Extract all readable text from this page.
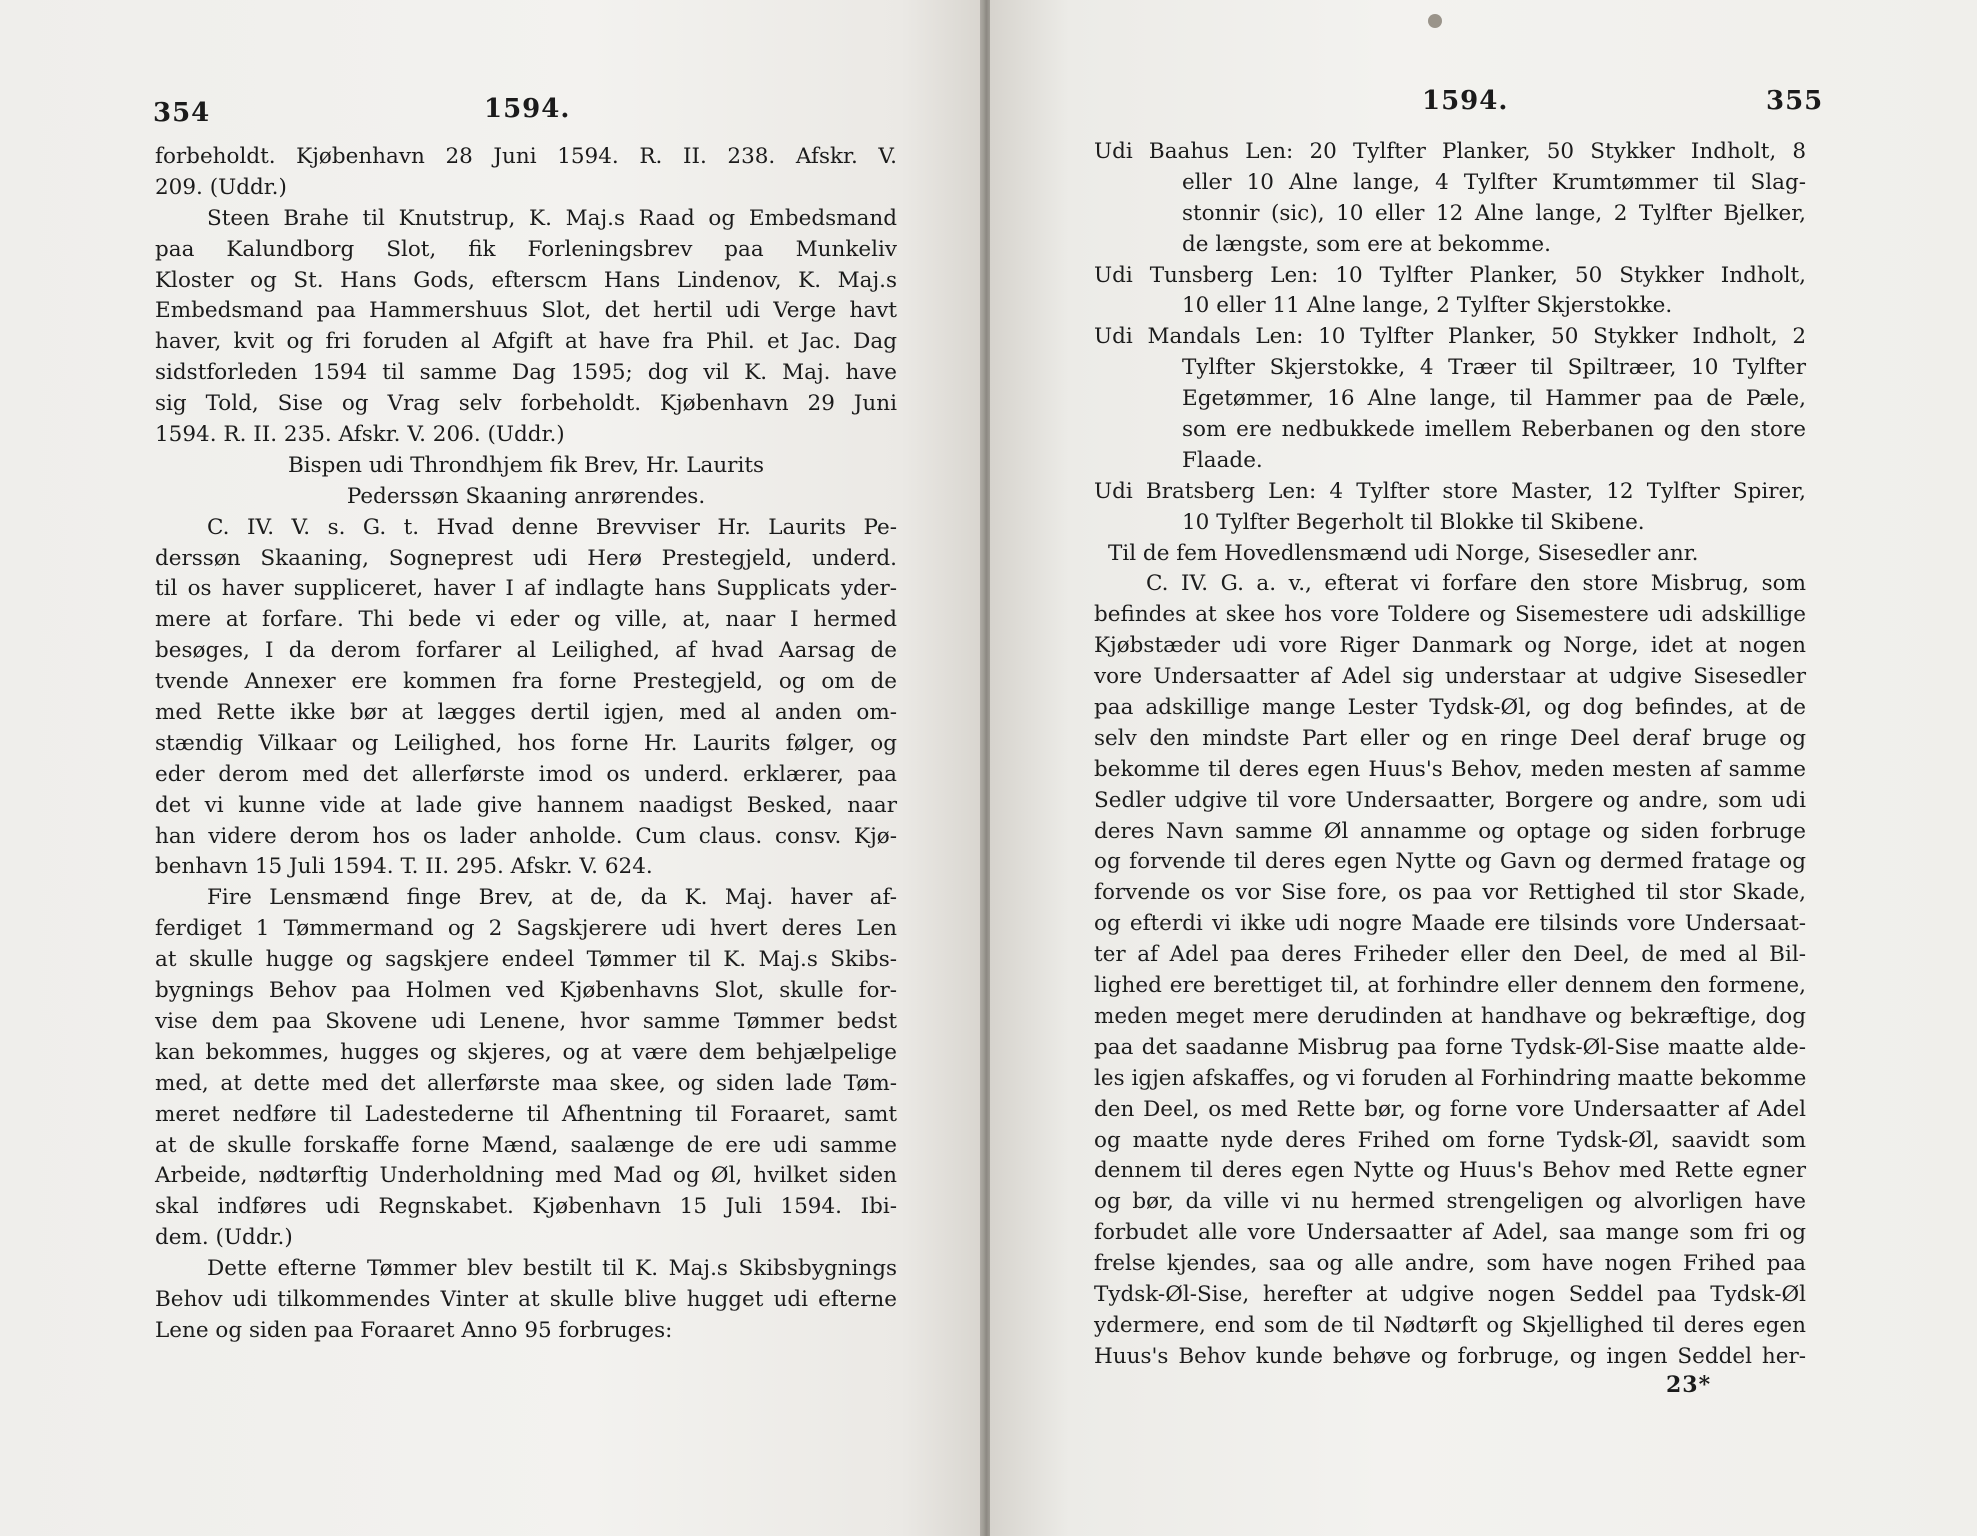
354	1594.
forbeholdt. Kjøbenhavn 28 Juni 1594. R. II. 238. Afskr. V.
209. (Uddr.)
Steen Brahe til Knutstrup, K. Maj.s Raad og Embedsmand
paa Kalundborg Slot, fik Forleningsbrev paa Munkeliv
Kloster og St. Hans Gods, efterscm Hans Lindenov, K. Maj.s
Embedsmand paa Hammershuus Slot, det hertil udi Verge havt
haver, kvit og fri foruden al Afgift at have fra Phil. et Jac. Dag
sidstforleden 1594 til samme Dag 1595; dog vil K. Maj. have
sig Told, Sise og Vrag selv forbeholdt. Kjøbenhavn 29 Juni
1594. R. II. 235. Afskr. V. 206. (Uddr.)
Bispen udi Throndhjem fik Brev, Hr. Laurits
Pederssøn Skaaning anrørendes.
C. IV. V. s. G. t. Hvad denne Brevviser Hr. Laurits Pe-
derssøn Skaaning, Sogneprest udi Herø Prestegjeld, underd.
til os haver suppliceret, haver I af indlagte hans Supplicats yder-
mere at forfare. Thi bede vi eder og ville, at, naar I hermed
besøges, I da derom forfarer al Leilighed, af hvad Aarsag de
tvende Annexer ere kommen fra forne Prestegjeld, og om de
med Rette ikke bør at lægges dertil igjen, med al anden om-
stændig Vilkaar og Leilighed, hos forne Hr. Laurits følger, og
eder derom med det allerførste imod os underd. erklærer, paa
det vi kunne vide at lade give hannem naadigst Besked, naar
han videre derom hos os lader anholde. Cum claus. consv. Kjø-
benhavn 15 Juli 1594. T. II. 295. Afskr. V. 624.
Fire Lensmænd finge Brev, at de, da K. Maj. haver af-
ferdiget 1 Tømmermand og 2 Sagskjerere udi hvert deres Len
at skulle hugge og sagskjere endeel Tømmer til K. Maj.s Skibs-
bygnings Behov paa Holmen ved Kjøbenhavns Slot, skulle for-
vise dem paa Skovene udi Lenene, hvor samme Tømmer bedst
kan bekommes, hugges og skjeres, og at være dem behjælpelige
med, at dette med det allerførste maa skee, og siden lade Tøm-
meret nedføre til Ladestederne til Afhentning til Foraaret, samt
at de skulle forskaffe forne Mænd, saalænge de ere udi samme
Arbeide, nødtørftig Underholdning med Mad og Øl, hvilket siden
skal indføres udi Regnskabet. Kjøbenhavn 15 Juli 1594. Ibi-
dem. (Uddr.)
Dette efterne Tømmer blev bestilt til K. Maj.s Skibsbygnings
Behov udi tilkommendes Vinter at skulle blive hugget udi efterne
Lene og siden paa Foraaret Anno 95 forbruges:
1594.	355
Udi Baahus Len: 20 Tylfter Planker, 50 Stykker Indholt, 8
eller 10 Alne lange, 4 Tylfter Krumtømmer til Slag-
stonnir (sic), 10 eller 12 Alne lange, 2 Tylfter Bjelker,
de længste, som ere at bekomme.
Udi Tunsberg Len: 10 Tylfter Planker, 50 Stykker Indholt,
10 eller 11 Alne lange, 2 Tylfter Skjerstokke.
Udi Mandals Len: 10 Tylfter Planker, 50 Stykker Indholt, 2
Tylfter Skjerstokke, 4 Træer til Spiltræer, 10 Tylfter
Egetømmer, 16 Alne lange, til Hammer paa de Pæle,
som ere nedbukkede imellem Reberbanen og den store
Flaade.
Udi Bratsberg Len: 4 Tylfter store Master, 12 Tylfter Spirer,
10 Tylfter Begerholt til Blokke til Skibene.
Til de fem Hovedlensmænd udi Norge, Sisesedler anr.
C. IV. G. a. v., efterat vi forfare den store Misbrug, som
befindes at skee hos vore Toldere og Sisemestere udi adskillige
Kjøbstæder udi vore Riger Danmark og Norge, idet at nogen
vore Undersaatter af Adel sig understaar at udgive Sisesedler
paa adskillige mange Lester Tydsk-Øl, og dog befindes, at de
selv den mindste Part eller og en ringe Deel deraf bruge og
bekomme til deres egen Huus's Behov, meden mesten af samme
Sedler udgive til vore Undersaatter, Borgere og andre, som udi
deres Navn samme Øl annamme og optage og siden forbruge
og forvende til deres egen Nytte og Gavn og dermed fratage og
forvende os vor Sise fore, os paa vor Rettighed til stor Skade,
og efterdi vi ikke udi nogre Maade ere tilsinds vore Undersaat-
ter af Adel paa deres Friheder eller den Deel, de med al Bil-
lighed ere berettiget til, at forhindre eller dennem den formene,
meden meget mere derudinden at handhave og bekræftige, dog
paa det saadanne Misbrug paa forne Tydsk-Øl-Sise maatte alde-
les igjen afskaffes, og vi foruden al Forhindring maatte bekomme
den Deel, os med Rette bør, og forne vore Undersaatter af Adel
og maatte nyde deres Frihed om forne Tydsk-Øl, saavidt som
dennem til deres egen Nytte og Huus's Behov med Rette egner
og bør, da ville vi nu hermed strengeligen og alvorligen have
forbudet alle vore Undersaatter af Adel, saa mange som fri og
frelse kjendes, saa og alle andre, som have nogen Frihed paa
Tydsk-Øl-Sise, herefter at udgive nogen Seddel paa Tydsk-Øl
ydermere, end som de til Nødtørft og Skjellighed til deres egen
Huus's Behov kunde behøve og forbruge, og ingen Seddel her-
23*
